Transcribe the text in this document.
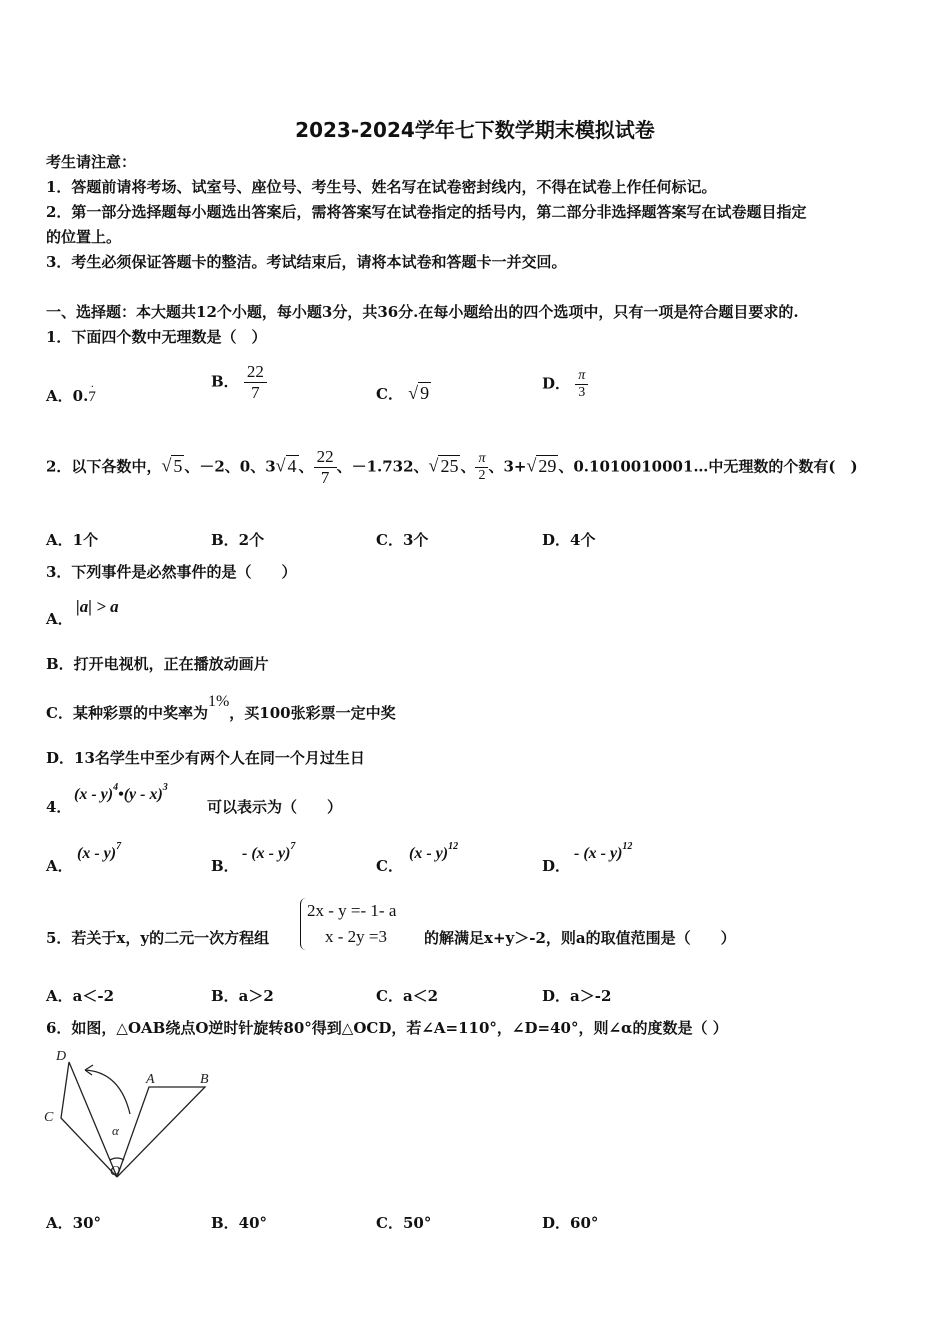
2023-2024学年七下数学期末模拟试卷
考生请注意：
1．答题前请将考场、试室号、座位号、考生号、姓名写在试卷密封线内，不得在试卷上作任何标记。
2．第一部分选择题每小题选出答案后，需将答案写在试卷指定的括号内，第二部分非选择题答案写在试卷题目指定
的位置上。
3．考生必须保证答题卡的整洁。考试结束后，请将本试卷和答题卡一并交回。
一、选择题：本大题共12个小题，每小题3分，共36分.在每小题给出的四个选项中，只有一项是符合题目要求的.
1．下面四个数中无理数是（　）
A．0.7
·	B． $\frac{22}{7}$	C． √ 9	D． $\frac{\pi}{3}$
2．以下各数中，√ 5 、－2、0、3√ 4 、 $\frac{22}{7}$ 、－1.732、√ 25 、 $\frac{\pi}{2}$ 、3+√ 29 、0.1010010001…中无理数的个数有(　)
A．1个	B．2个	C．3个	D．4个
3．下列事件是必然事件的是（　　）
A．
|a| > a
B．打开电视机，正在播放动画片
C．某种彩票的中奖率为1%，买100张彩票一定中奖
D．13名学生中至少有两个人在同一个月过生日
4．
(x - y)$^4$•(y - x)$^3$
可以表示为（　　）
A．
(x - y)$^7$
B．
- (x - y)$^7$
C．
(x - y)$^{12}$
D．
- (x - y)$^{12}$
5．若关于x，y的二元一次方程组
2x - y =- 1- a
x - 2y =3	的解满足x+y＞-2，则a的取值范围是（　　）
A．a＜-2	B．a＞2	C．a＜2	D．a＞-2
6．如图，△OAB绕点O逆时针旋转80°得到△OCD，若∠A=110°，∠D=40°，则∠α的度数是（ ）
D
A	B
C
O
α
A．30°	B．40°	C．50°	D．60°
